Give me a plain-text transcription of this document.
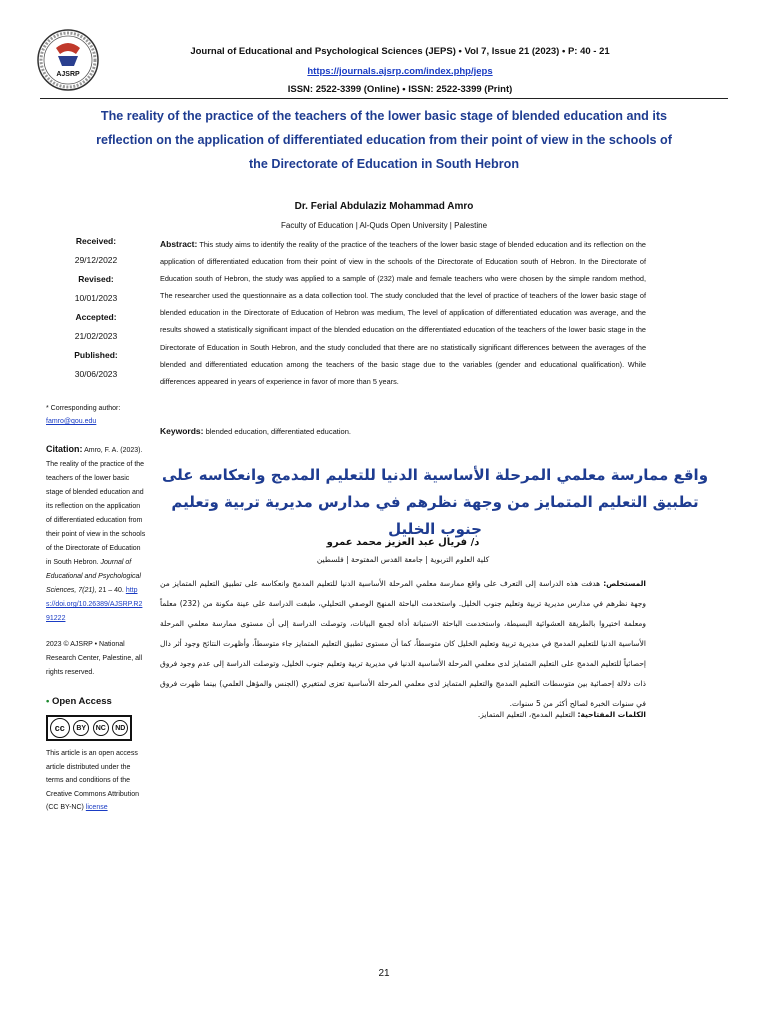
AJSRP
Journal of Educational and Psychological Sciences (JEPS) • Vol 7, Issue 21 (2023) • P: 40 - 21
https://journals.ajsrp.com/index.php/jeps
ISSN: 2522-3399 (Online) • ISSN: 2522-3399 (Print)
The reality of the practice of the teachers of the lower basic stage of blended education and its reflection on the application of differentiated education from their point of view in the schools of the Directorate of Education in South Hebron
Dr. Ferial Abdulaziz Mohammad Amro
Faculty of Education | Al-Quds Open University | Palestine
Received:
29/12/2022
Revised:
10/01/2023
Accepted:
21/02/2023
Published:
30/06/2023
* Corresponding author:
famro@qou.edu
Citation: Amro, F. A. (2023). The reality of the practice of the teachers of the lower basic stage of blended education and its reflection on the application of differentiated education from their point of view in the schools of the Directorate of Education in South Hebron. Journal of Educational and Psychological Sciences, 7(21), 21 – 40. https://doi.org/10.26389/AJSRP.R291222
2023 © AJSRP • National Research Center, Palestine, all rights reserved.
• Open Access
cc	BY	NC	ND
This article is an open access article distributed under the terms and conditions of the Creative Commons Attribution (CC BY-NC) license
Abstract: This study aims to identify the reality of the practice of the teachers of the lower basic stage of blended education and its reflection on the application of differentiated education from their point of view in the schools of the Directorate of Education south of Hebron. In the Directorate of Education south of Hebron, the study was applied to a sample of (232) male and female teachers who were chosen by the simple random method, The researcher used the questionnaire as a data collection tool. The study concluded that the level of practice of teachers of the lower basic stage of blended education in the Directorate of Education of Hebron was medium, The level of application of differentiated education was average, and the results showed a statistically significant impact of the blended education on the differentiated education of the teachers of the lower basic stage in the Directorate of Education in South Hebron, and the study concluded that there are no statistically significant differences between the averages of the blended and differentiated education among the teachers of the basic stage due to the variables (gender and educational qualification). While differences appeared in years of experience in favor of more than 5 years.
Keywords: blended education, differentiated education.
واقع ممارسة معلمي المرحلة الأساسية الدنيا للتعليم المدمج وانعكاسه على تطبيق التعليم المتمايز من وجهة نظرهم في مدارس مديرية تربية وتعليم جنوب الخليل
د/ فريال عبد العزيز محمد عمرو
كلية العلوم التربوية | جامعة القدس المفتوحة | فلسطين
المستخلص: هدفت هذه الدراسة إلى التعرف على واقع ممارسة معلمي المرحلة الأساسية الدنيا للتعليم المدمج وانعكاسه على تطبيق التعليم المتمايز من وجهة نظرهم في مدارس مديرية تربية وتعليم جنوب الخليل. واستخدمت الباحثة المنهج الوصفي التحليلي، طبقت الدراسة على عينة مكونة من (232) معلماً ومعلمة اختيروا بالطريقة العشوائية البسيطة، واستخدمت الباحثة الاستبانة أداة لجمع البيانات، وتوصلت الدراسة إلى أن مستوى ممارسة معلمي المرحلة الأساسية الدنيا للتعليم المدمج في مديرية تربية وتعليم الخليل كان متوسطاً، كما أن مستوى تطبيق التعليم المتمايز جاء متوسطاً، وأظهرت النتائج وجود أثر دال إحصائياً للتعليم المدمج على التعليم المتمايز لدى معلمي المرحلة الأساسية الدنيا في مديرية تربية وتعليم جنوب الخليل، وتوصلت الدراسة إلى عدم وجود فروق ذات دلالة إحصائية بين متوسطات التعليم المدمج والتعليم المتمايز لدى معلمي المرحلة الأساسية تعزى لمتغيري (الجنس والمؤهل العلمي) بينما ظهرت فروق في سنوات الخبرة لصالح أكثر من 5 سنوات.
الكلمات المفتاحية: التعليم المدمج، التعليم المتمايز.
21
